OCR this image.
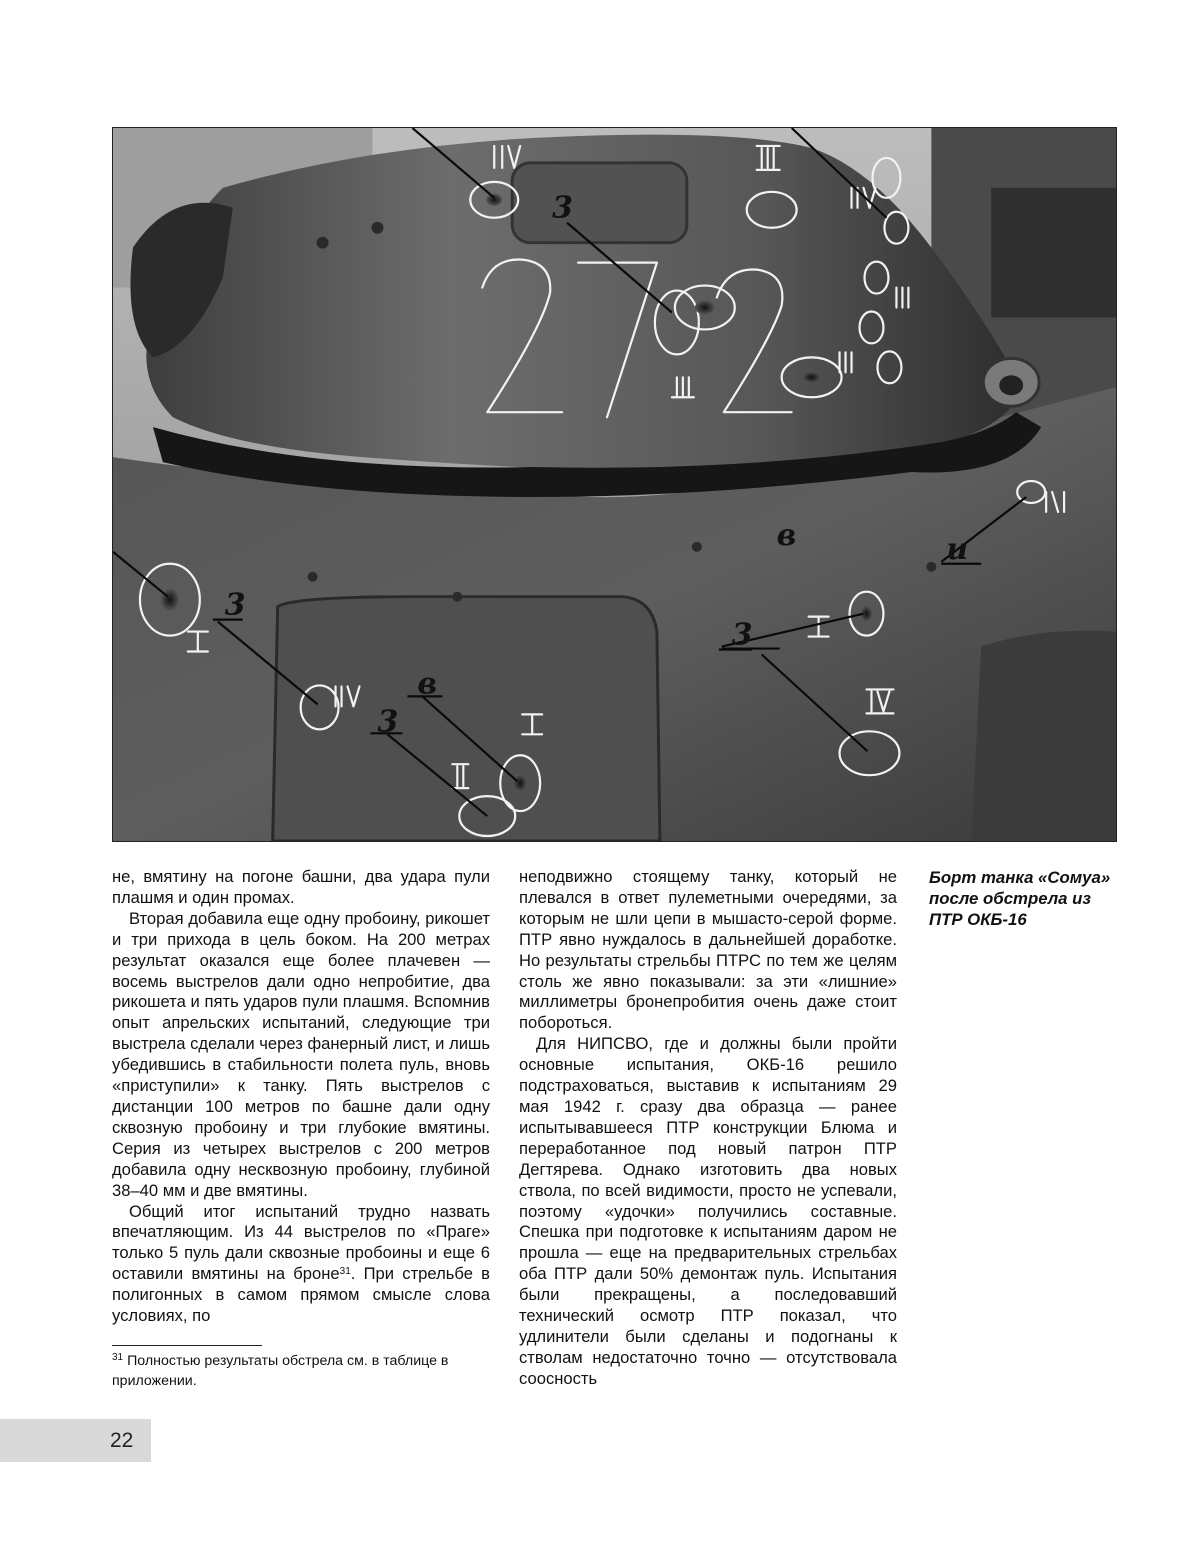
3
3
3
3
в
в	и

не, вмятину на погоне башни, два удара пули плашмя и один промах.

Вторая добавила еще одну пробоину, рикошет и три прихода в цель боком. На 200 метрах результат оказался еще более плачевен — восемь выстрелов дали одно непробитие, два рикошета и пять ударов пули плашмя. Вспомнив опыт апрельских испытаний, следующие три выстрела сделали через фанерный лист, и лишь убедившись в стабильности полета пуль, вновь «приступили» к танку. Пять выстрелов с дистанции 100 метров по башне дали одну сквозную пробоину и три глубокие вмятины. Серия из четырех выстрелов с 200 метров добавила одну несквозную пробоину, глубиной 38–40 мм и две вмятины.

Общий итог испытаний трудно назвать впечатляющим. Из 44 выстрелов по «Праге» только 5 пуль дали сквозные пробоины и еще 6 оставили вмятины на броне$^{31}$. При стрельбе в полигонных в самом прямом смысле слова условиях, по

неподвижно стоящему танку, который не плевался в ответ пулеметными очередями, за которым не шли цепи в мышасто-серой форме. ПТР явно нуждалось в дальнейшей доработке. Но результаты стрельбы ПТРС по тем же целям столь же явно показывали: за эти «лишние» миллиметры бронепробития очень даже стоит побороться.

Для НИПСВО, где и должны были пройти основные испытания, ОКБ-16 решило подстраховаться, выставив к испытаниям 29 мая 1942 г. сразу два образца — ранее испытывавшееся ПТР конструкции Блюма и переработанное под новый патрон ПТР Дегтярева. Однако изготовить два новых ствола, по всей видимости, просто не успевали, поэтому «удочки» получились составные. Спешка при подготовке к испытаниям даром не прошла — еще на предварительных стрельбах оба ПТР дали 50% демонтаж пуль. Испытания были прекращены, а последовавший технический осмотр ПТР показал, что удлинители были сделаны и подогнаны к стволам недостаточно точно — отсутствовала соосность

Борт танка «Сомуа» после обстрела из ПТР ОКБ-16
$^{31}$ Полностью результаты обстрела см. в таблице в приложении.
22
